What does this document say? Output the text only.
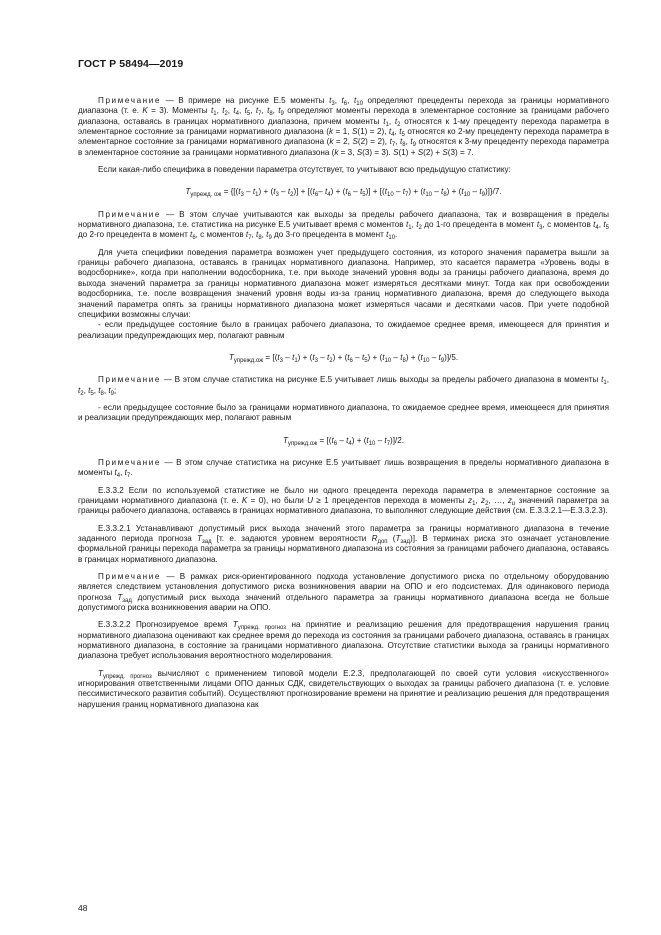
ГОСТ Р 58494—2019

Примечание — В примере на рисунке Е.5 моменты $t_3$, $t_6$, $t_{10}$ определяют прецеденты перехода за границы нормативного диапазона (т. е. K = 3). Моменты $t_1$, $t_2$, $t_4$, $t_5$, $t_7$, $t_8$, $t_9$ определяют моменты перехода в элементарное состояние за границами рабочего диапазона, оставаясь в границах нормативного диапазона, причем моменты $t_1$, $t_2$ относятся к 1-му прецеденту перехода параметра в элементарное состояние за границами нормативного диапазона (k = 1, S(1) = 2), $t_4$, $t_5$ относятся ко 2-му прецеденту перехода параметра в элементарное состояние за границами нормативного диапазона (k = 2, S(2) = 2), $t_7$, $t_8$, $t_9$ относятся к 3-му прецеденту перехода параметра в элементарное состояние за границами нормативного диапазона (k = 3, S(3) = 3). S(1) + S(2) + S(3) = 7.

Если какая-либо специфика в поведении параметра отсутствует, то учитывают всю предыдущую статистику:

$T_{упрежд. ож} = \{[(t_3 - t_1) + (t_3 - t_2)] + [(t_6-$ $t_4) + (t_6 - t_5)] + [(t_{10} - t_7) + (t_{10} - t_8) + (t_{10} - t_9)]\}/7$.

Примечание — В этом случае учитываются как выходы за пределы рабочего диапазона, так и возвращения в пределы нормативного диапазона, т.е. статистика на рисунке Е.5 учитывает время с моментов $t_1$, $t_2$ до 1-го прецедента в момент $t_3$, с моментов $t_4$, $t_5$ до 2-го прецедента в момент $t_6$, с моментов $t_7$, $t_8$, $t_9$ до 3-го прецедента в момент $t_{10}$.

Для учета специфики поведения параметра возможен учет предыдущего состояния, из которого значения параметра вышли за границы рабочего диапазона, оставаясь в границах нормативного диапазона. Например, это касается параметра «Уровень воды в водосборнике», когда при наполнении водосборника, т.е. при выходе значений уровня воды за границы рабочего диапазона, время до выхода значений параметра за границы нормативного диапазона может измеряться десятками минут. Тогда как при освобождении водосборника, т.е. после возвращения значений уровня воды из-за границ нормативного диапазона, время до следующего выхода значений параметра опять за границы нормативного диапазона может измеряться часами и десятками часов. При учете подобной специфики возможны случаи:

- если предыдущее состояние было в границах рабочего диапазона, то ожидаемое среднее время, имеющееся для принятия и реализации предупреждающих мер, полагают равным

$T_{упрежд.ож} = [(t_3 - t_1) + (t_3 - t_2) + (t_6 - t_5) + (t_{10} - t_8) + (t_{10} - t_9)]/5$.

Примечание — В этом случае статистика на рисунке Е.5 учитывает лишь выходы за пределы рабочего диапазона в моменты $t_1$, $t_2$, $t_5$, $t_8$, $t_9$;

- если предыдущее состояние было за границами нормативного диапазона, то ожидаемое среднее время, имеющееся для принятия и реализации предупреждающих мер, полагают равным

$T_{упрежд.ож} = [(t_6 - t_4) + (t_{10} - t_7)]/2$.

Примечание — В этом случае статистика на рисунке Е.5 учитывает лишь возвращения в пределы нормативного диапазона в моменты $t_4$, $t_7$.

Е.3.3.2 Если по используемой статистике не было ни одного прецедента перехода параметра в элементарное состояние за границами нормативного диапазона (т. е. K = 0), но были U ≥ 1 прецедентов перехода в моменты $z_1$, $z_2$, …, $z_u$ значений параметра за границы рабочего диапазона, оставаясь в границах нормативного диапазона, то выполняют следующие действия (см. Е.3.3.2.1—Е.3.3.2.3).

Е.3.3.2.1 Устанавливают допустимый риск выхода значений этого параметра за границы нормативного диапазона в течение заданного периода прогноза $T_{зад}$ [т. е. задаются уровнем вероятности $R_{доп}$ $(T_{зад})$]. В терминах риска это означает установление формальной границы перехода параметра за границы нормативного диапазона из состояния за границами рабочего диапазона, оставаясь в границах нормативного диапазона.

Примечание — В рамках риск-ориентированного подхода установление допустимого риска по отдельному оборудованию является следствием установления допустимого риска возникновения аварии на ОПО и его подсистемах. Для одинакового периода прогноза $T_{зад}$ допустимый риск выхода значений отдельного параметра за границы нормативного диапазона всегда не больше допустимого риска возникновения аварии на ОПО.

Е.3.3.2.2 Прогнозируемое время $T_{упрежд. прогноз}$ на принятие и реализацию решения для предотвращения нарушения границ нормативного диапазона оценивают как среднее время до перехода из состояния за границами рабочего диапазона, оставаясь в границах нормативного диапазона, в состояние за границами нормативного диапазона. Отсутствие статистики выхода за границы нормативного диапазона требует использования вероятностного моделирования.

$T_{упрежд. прогноз}$ вычисляют с применением типовой модели Е.2.3, предполагающей по своей сути условия «искусственного» игнорирования ответственными лицами ОПО данных СДК, свидетельствующих о выходах за границы рабочего диапазона (т. е. условие пессимистического развития событий). Осуществляют прогнозирование времени на принятие и реализацию решения для предотвращения нарушения границ нормативного диапазона как

48
